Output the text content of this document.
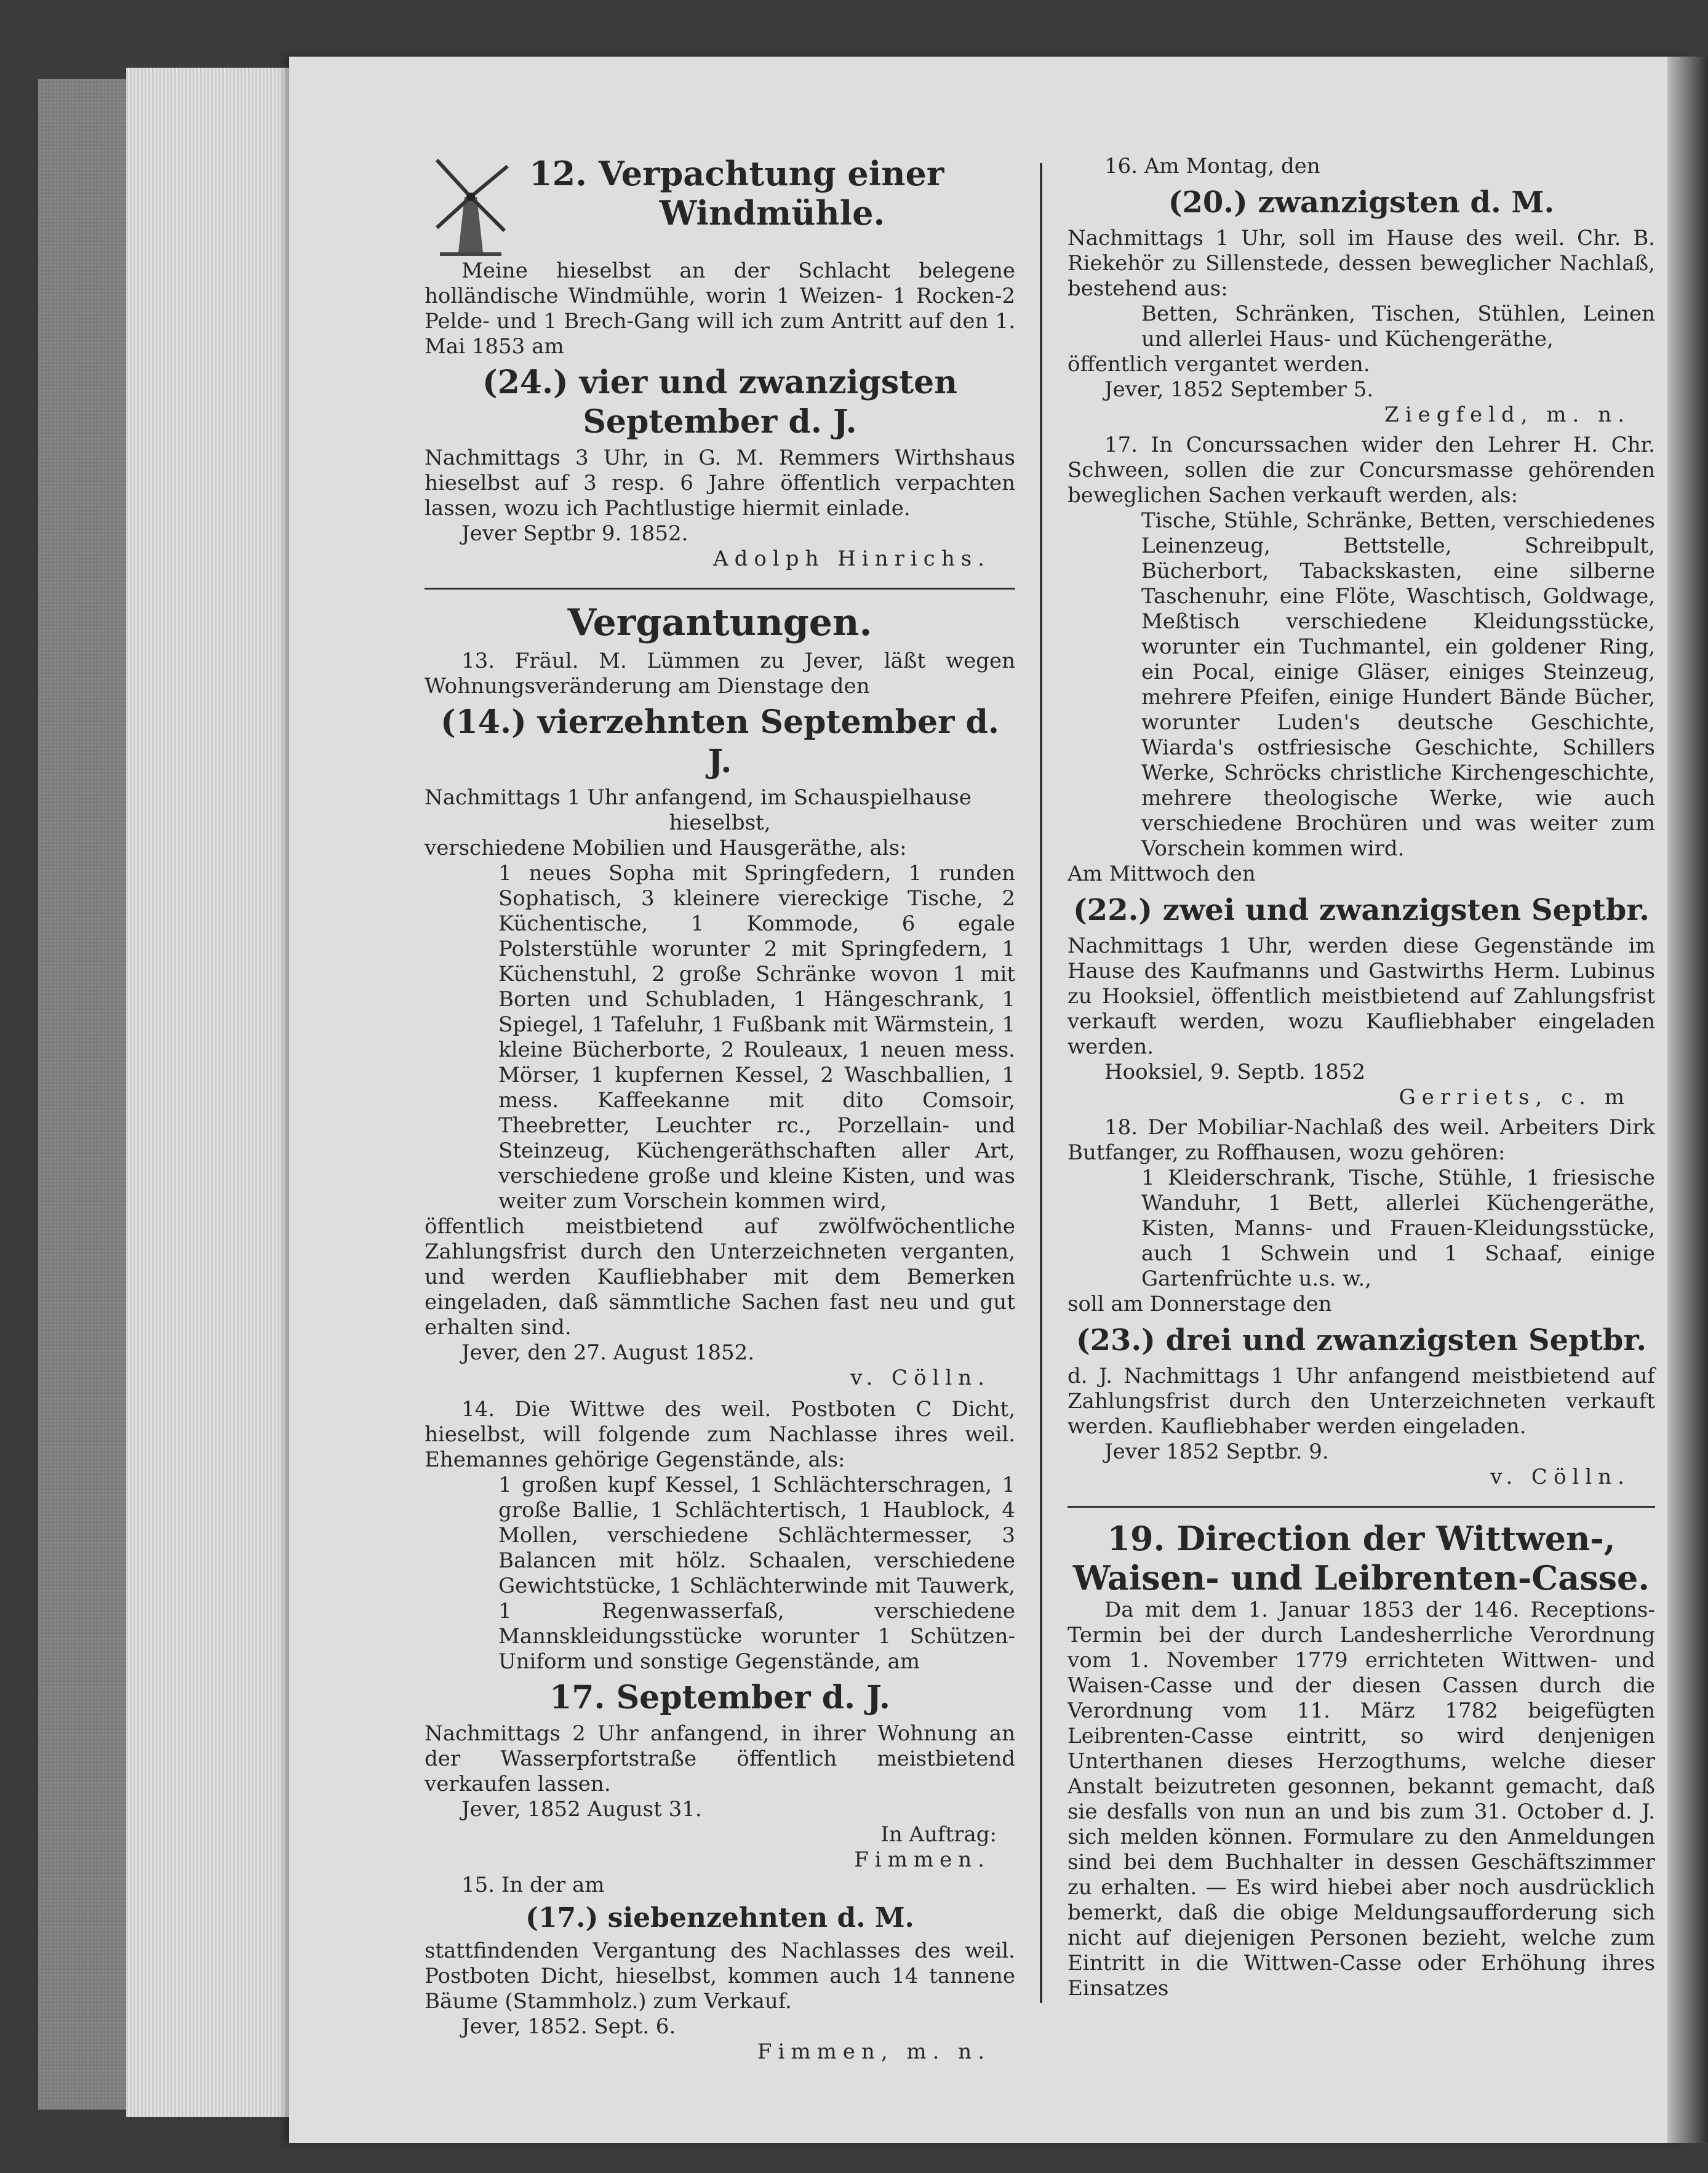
12. Verpachtung einer
Windmühle.

Meine hieselbst an der Schlacht belegene holländische Windmühle, worin 1 Weizen- 1 Rocken-2 Pelde- und 1 Brech-Gang will ich zum Antritt auf den 1. Mai 1853 am

(24.) vier und zwanzigsten September d. J.

Nachmittags 3 Uhr, in G. M. Remmers Wirthshaus hieselbst auf 3 resp. 6 Jahre öffentlich verpachten lassen, wozu ich Pachtlustige hiermit einlade.

Jever Septbr 9. 1852.

Adolph Hinrichs.

Vergantungen.

13. Fräul. M. Lümmen zu Jever, läßt wegen Wohnungsveränderung am Dienstage den

(14.) vierzehnten September d. J.

Nachmittags 1 Uhr anfangend, im Schauspielhause

hieselbst,

verschiedene Mobilien und Hausgeräthe, als:

1 neues Sopha mit Springfedern, 1 runden Sophatisch, 3 kleinere viereckige Tische, 2 Küchentische, 1 Kommode, 6 egale Polsterstühle worunter 2 mit Springfedern, 1 Küchenstuhl, 2 große Schränke wovon 1 mit Borten und Schubladen, 1 Hängeschrank, 1 Spiegel, 1 Tafeluhr, 1 Fußbank mit Wärmstein, 1 kleine Bücherborte, 2 Rouleaux, 1 neuen mess. Mörser, 1 kupfernen Kessel, 2 Waschballien, 1 mess. Kaffeekanne mit dito Comsoir, Theebretter, Leuchter rc., Porzellain- und Steinzeug, Küchengeräthschaften aller Art, verschiedene große und kleine Kisten, und was weiter zum Vorschein kommen wird,

öffentlich meistbietend auf zwölfwöchentliche Zahlungsfrist durch den Unterzeichneten verganten, und werden Kaufliebhaber mit dem Bemerken eingeladen, daß sämmtliche Sachen fast neu und gut erhalten sind.

Jever, den 27. August 1852.

v. Cölln.

14. Die Wittwe des weil. Postboten C Dicht, hieselbst, will folgende zum Nachlasse ihres weil. Ehemannes gehörige Gegenstände, als:

1 großen kupf Kessel, 1 Schlächterschragen, 1 große Ballie, 1 Schlächtertisch, 1 Haublock, 4 Mollen, verschiedene Schlächtermesser, 3 Balancen mit hölz. Schaalen, verschiedene Gewichtstücke, 1 Schlächterwinde mit Tauwerk, 1 Regenwasserfaß, verschiedene Mannskleidungsstücke worunter 1 Schützen-Uniform und sonstige Gegenstände, am

17. September d. J.

Nachmittags 2 Uhr anfangend, in ihrer Wohnung an der Wasserpfortstraße öffentlich meistbietend verkaufen lassen.

Jever, 1852 August 31.

In Auftrag:

Fimmen.

15. In der am

(17.) siebenzehnten d. M.

stattfindenden Vergantung des Nachlasses des weil. Postboten Dicht, hieselbst, kommen auch 14 tannene Bäume (Stammholz.) zum Verkauf.

Jever, 1852. Sept. 6.

Fimmen, m. n.

16. Am Montag, den

(20.) zwanzigsten d. M.

Nachmittags 1 Uhr, soll im Hause des weil. Chr. B. Riekehör zu Sillenstede, dessen beweglicher Nachlaß, bestehend aus:

Betten, Schränken, Tischen, Stühlen, Leinen und allerlei Haus- und Küchengeräthe,

öffentlich vergantet werden.

Jever, 1852 September 5.

Ziegfeld, m. n.

17. In Concurssachen wider den Lehrer H. Chr. Schween, sollen die zur Concursmasse gehörenden beweglichen Sachen verkauft werden, als:

Tische, Stühle, Schränke, Betten, verschiedenes Leinenzeug, Bettstelle, Schreibpult, Bücherbort, Tabackskasten, eine silberne Taschenuhr, eine Flöte, Waschtisch, Goldwage, Meßtisch verschiedene Kleidungsstücke, worunter ein Tuchmantel, ein goldener Ring, ein Pocal, einige Gläser, einiges Steinzeug, mehrere Pfeifen, einige Hundert Bände Bücher, worunter Luden's deutsche Geschichte, Wiarda's ostfriesische Geschichte, Schillers Werke, Schröcks christliche Kirchengeschichte, mehrere theologische Werke, wie auch verschiedene Brochüren und was weiter zum Vorschein kommen wird.

Am Mittwoch den

(22.) zwei und zwanzigsten Septbr.

Nachmittags 1 Uhr, werden diese Gegenstände im Hause des Kaufmanns und Gastwirths Herm. Lubinus zu Hooksiel, öffentlich meistbietend auf Zahlungsfrist verkauft werden, wozu Kaufliebhaber eingeladen werden.

Hooksiel, 9. Septb. 1852

Gerriets, c. m

18. Der Mobiliar-Nachlaß des weil. Arbeiters Dirk Butfanger, zu Roffhausen, wozu gehören:

1 Kleiderschrank, Tische, Stühle, 1 friesische Wanduhr, 1 Bett, allerlei Küchengeräthe, Kisten, Manns- und Frauen-Kleidungsstücke, auch 1 Schwein und 1 Schaaf, einige Gartenfrüchte u.s. w.,

soll am Donnerstage den

(23.) drei und zwanzigsten Septbr.

d. J. Nachmittags 1 Uhr anfangend meistbietend auf Zahlungsfrist durch den Unterzeichneten verkauft werden. Kaufliebhaber werden eingeladen.

Jever 1852 Septbr. 9.

v. Cölln.

19. Direction der Wittwen-,
Waisen- und Leibrenten-Casse.

Da mit dem 1. Januar 1853 der 146. Receptions-Termin bei der durch Landesherrliche Verordnung vom 1. November 1779 errichteten Wittwen- und Waisen-Casse und der diesen Cassen durch die Verordnung vom 11. März 1782 beigefügten Leibrenten-Casse eintritt, so wird denjenigen Unterthanen dieses Herzogthums, welche dieser Anstalt beizutreten gesonnen, bekannt gemacht, daß sie desfalls von nun an und bis zum 31. October d. J. sich melden können. Formulare zu den Anmeldungen sind bei dem Buchhalter in dessen Geschäftszimmer zu erhalten. — Es wird hiebei aber noch ausdrücklich bemerkt, daß die obige Meldungsaufforderung sich nicht auf diejenigen Personen bezieht, welche zum Eintritt in die Wittwen-Casse oder Erhöhung ihres Einsatzes
